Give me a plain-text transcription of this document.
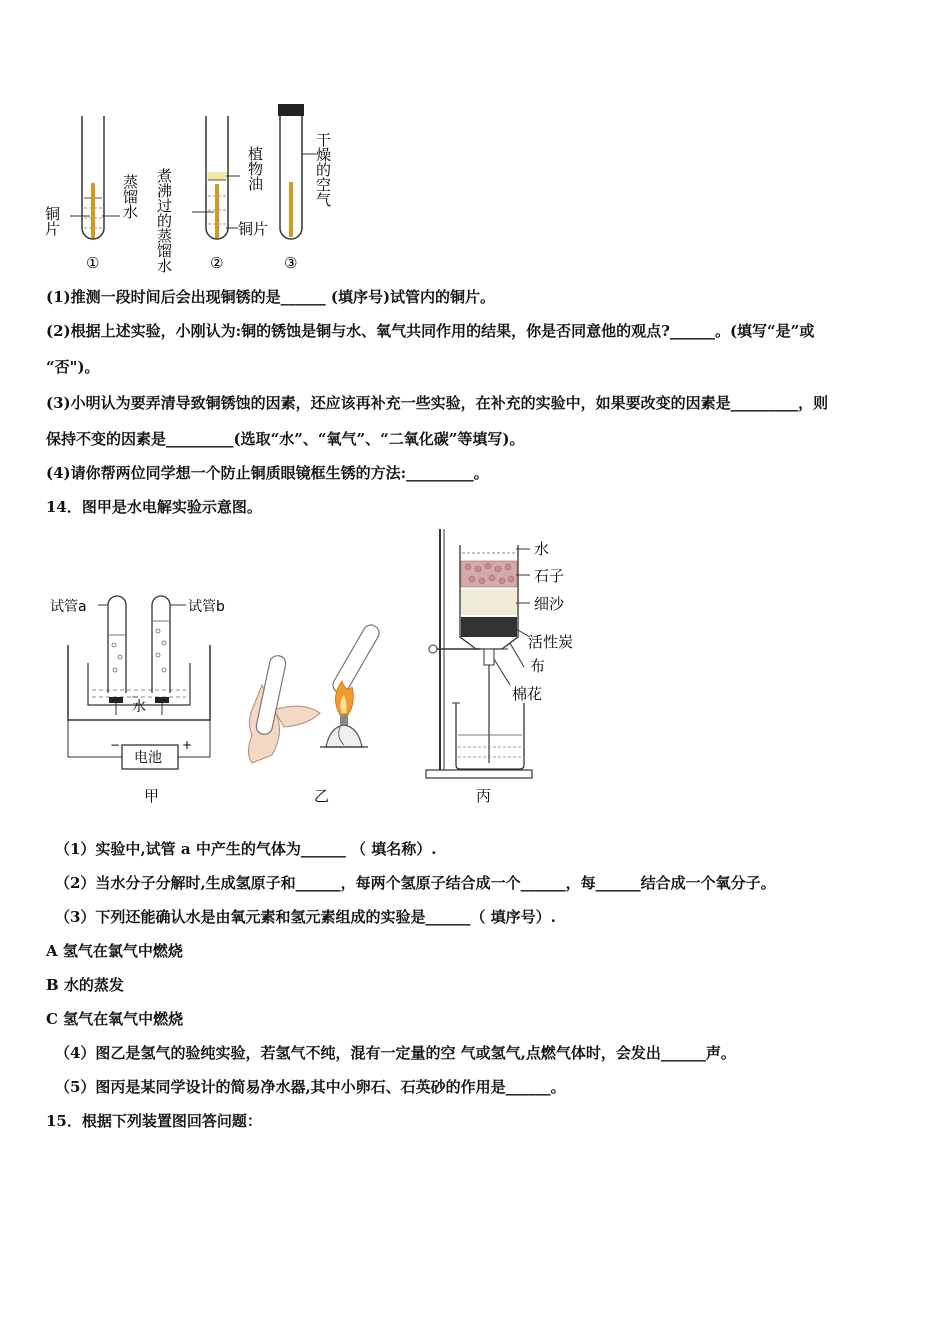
铜片
蒸馏水
①	煮沸过的蒸馏水	植物油
铜片
②
干燥的空气
③
(1)推测一段时间后会出现铜锈的是______ (填序号)试管内的铜片。
(2)根据上述实验，小刚认为:铜的锈蚀是铜与水、氧气共同作用的结果，你是否同意他的观点?______。(填写“是”或
“否")。
(3)小明认为要弄清导致铜锈蚀的因素，还应该再补充一些实验，在补充的实验中，如果要改变的因素是_________，则
保持不变的因素是_________(选取“水”、“氧气”、“二氧化碳”等填写)。
(4)请你帮两位同学想一个防止铜质眼镜框生锈的方法:_________。
14．图甲是水电解实验示意图。
试管a	试管b
水
电池
−	+
甲	乙
水
石子
细沙
活性炭
布
棉花
丙
（1）实验中,试管 a 中产生的气体为______ （ 填名称）.
（2）当水分子分解时,生成氢原子和______，每两个氢原子结合成一个______，每______结合成一个氧分子。
（3）下列还能确认水是由氧元素和氢元素组成的实验是______（ 填序号）.
A 氢气在氯气中燃烧
B 水的蒸发
C 氢气在氧气中燃烧
（4）图乙是氢气的验纯实验，若氢气不纯，混有一定量的空 气或氢气,点燃气体时，会发出______声。
（5）图丙是某同学设计的简易净水器,其中小卵石、石英砂的作用是______。
15．根据下列装置图回答问题：
